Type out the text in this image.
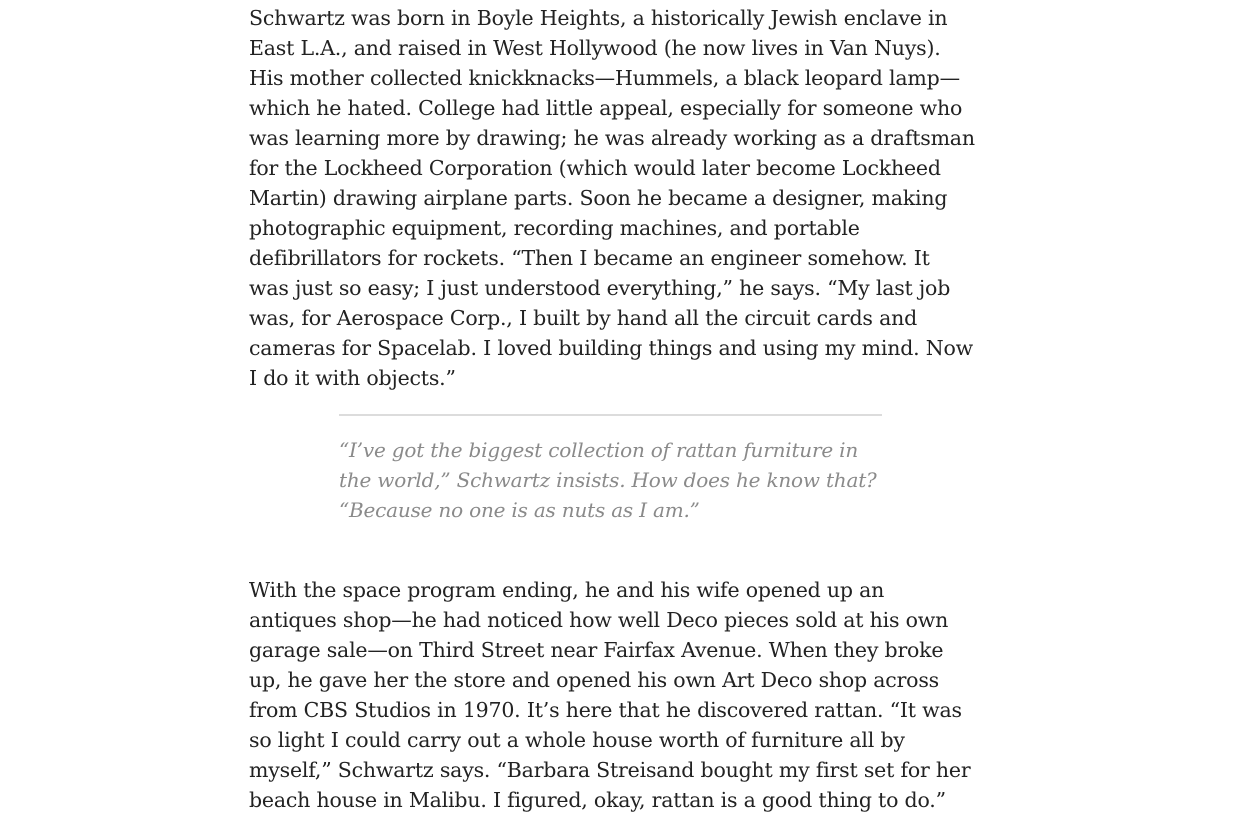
Schwartz was born in Boyle Heights, a historically Jewish enclave in East L.A., and raised in West Hollywood (he now lives in Van Nuys). His mother collected knickknacks—Hummels, a black leopard lamp—which he hated. College had little appeal, especially for someone who was learning more by drawing; he was already working as a draftsman for the Lockheed Corporation (which would later become Lockheed Martin) drawing airplane parts. Soon he became a designer, making photographic equipment, recording machines, and portable defibrillators for rockets. “Then I became an engineer somehow. It was just so easy; I just understood everything,” he says. “My last job was, for Aerospace Corp., I built by hand all the circuit cards and cameras for Spacelab. I loved building things and using my mind. Now I do it with objects.”

“I’ve got the biggest collection of rattan furniture in the world,” Schwartz insists. How does he know that? “Because no one is as nuts as I am.”

With the space program ending, he and his wife opened up an antiques shop—he had noticed how well Deco pieces sold at his own garage sale—on Third Street near Fairfax Avenue. When they broke up, he gave her the store and opened his own Art Deco shop across from CBS Studios in 1970. It’s here that he discovered rattan. “It was so light I could carry out a whole house worth of furniture all by myself,” Schwartz says. “Barbara Streisand bought my first set for her beach house in Malibu. I figured, okay, rattan is a good thing to do.”
